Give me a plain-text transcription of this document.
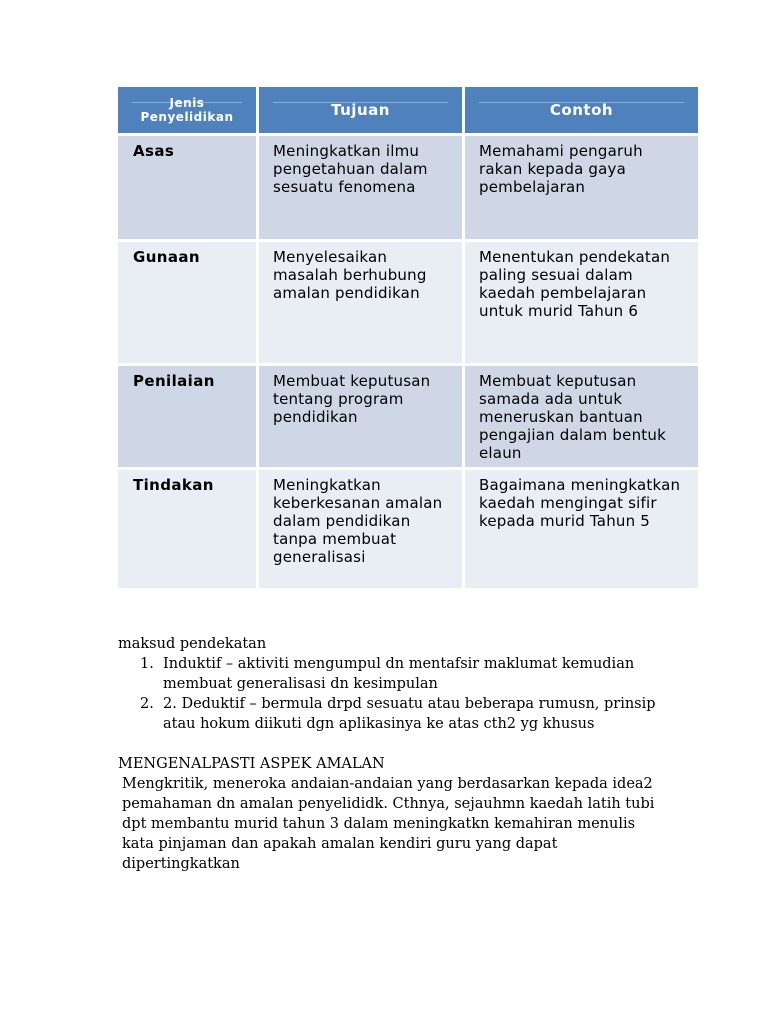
Jenis
Penyelidikan	Tujuan	Contoh
Asas	Meningkatkan ilmu pengetahuan dalam sesuatu fenomena	Memahami pengaruh rakan kepada gaya pembelajaran
Gunaan	Menyelesaikan masalah berhubung amalan pendidikan	Menentukan pendekatan paling sesuai dalam kaedah pembelajaran untuk murid Tahun 6
Penilaian	Membuat keputusan tentang program pendidikan	Membuat keputusan samada ada untuk meneruskan bantuan pengajian dalam bentuk elaun
Tindakan	Meningkatkan keberkesanan amalan dalam pendidikan tanpa membuat generalisasi	Bagaimana meningkatkan kaedah mengingat sifir kepada murid Tahun 5

maksud pendekatan

1. Induktif – aktiviti mengumpul dn mentafsir maklumat kemudian membuat generalisasi dn kesimpulan
2. 2. Deduktif – bermula drpd sesuatu atau beberapa rumusn, prinsip atau hokum diikuti dgn aplikasinya ke atas cth2 yg khusus

MENGENALPASTI ASPEK AMALAN

Mengkritik, meneroka andaian-andaian yang berdasarkan kepada idea2 pemahaman dn amalan penyelididk. Cthnya, sejauhmn kaedah latih tubi dpt membantu murid tahun 3 dalam meningkatkn kemahiran menulis kata pinjaman dan apakah amalan kendiri guru yang dapat dipertingkatkan
